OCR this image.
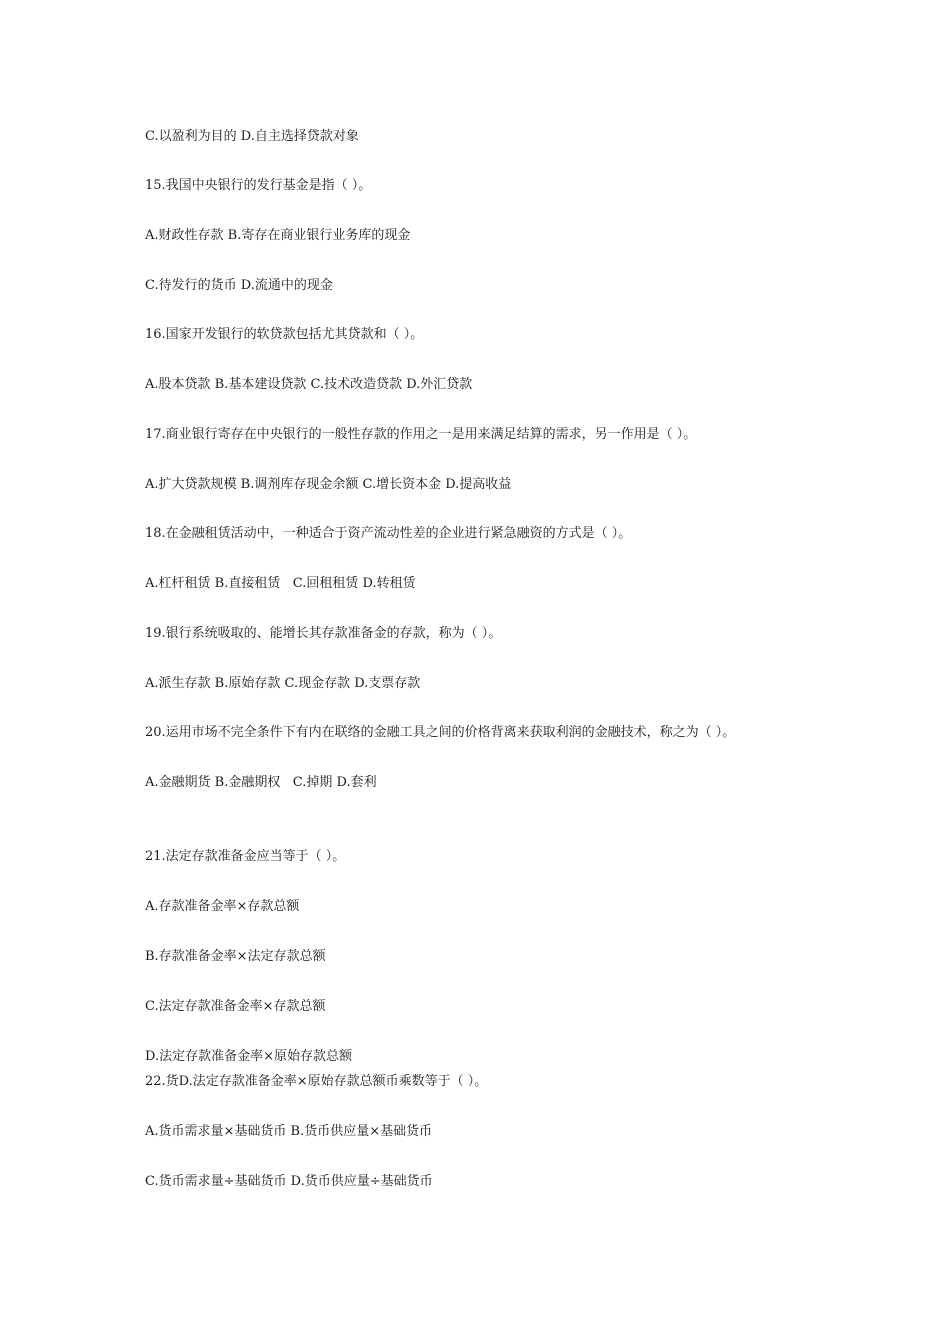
C.以盈利为目的 D.自主选择贷款对象
15.我国中央银行的发行基金是指（ ）。
A.财政性存款 B.寄存在商业银行业务库的现金
C.待发行的货币 D.流通中的现金
16.国家开发银行的软贷款包括尤其贷款和（ ）。
A.股本贷款 B.基本建设贷款 C.技术改造贷款 D.外汇贷款
17.商业银行寄存在中央银行的一般性存款的作用之一是用来满足结算的需求，另一作用是（ ）。
A.扩大贷款规模 B.调剂库存现金余额 C.增长资本金 D.提高收益
18.在金融租赁活动中，一种适合于资产流动性差的企业进行紧急融资的方式是（ ）。
A.杠杆租赁 B.直接租赁   C.回租租赁 D.转租赁
19.银行系统吸取的、能增长其存款准备金的存款，称为（ ）。
A.派生存款 B.原始存款 C.现金存款 D.支票存款
20.运用市场不完全条件下有内在联络的金融工具之间的价格背离来获取利润的金融技术，称之为（ ）。
A.金融期货 B.金融期权   C.掉期 D.套利
21.法定存款准备金应当等于（ ）。
A.存款准备金率×存款总额
B.存款准备金率×法定存款总额
C.法定存款准备金率×存款总额
D.法定存款准备金率×原始存款总额
22.货D.法定存款准备金率×原始存款总额币乘数等于（ ）。
A.货币需求量×基础货币 B.货币供应量×基础货币
C.货币需求量÷基础货币 D.货币供应量÷基础货币
